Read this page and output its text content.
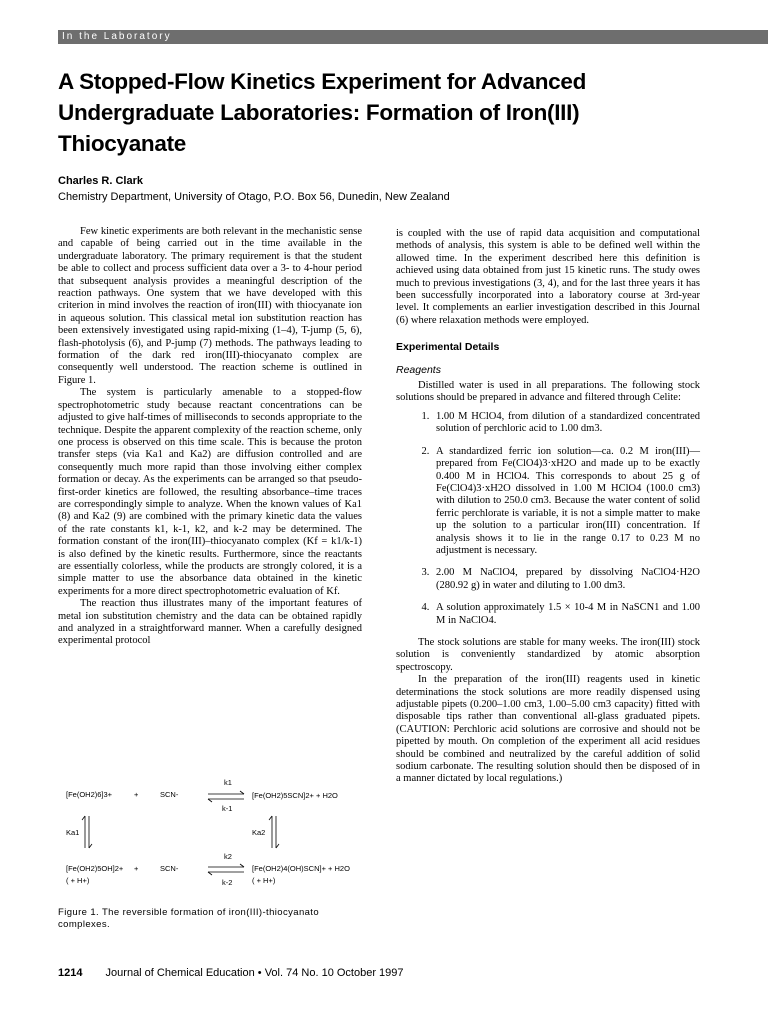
In the Laboratory
A Stopped-Flow Kinetics Experiment for Advanced
Undergraduate Laboratories: Formation of Iron(III)
Thiocyanate
Charles R. Clark
Chemistry Department, University of Otago, P.O. Box 56, Dunedin, New Zealand

Few kinetic experiments are both relevant in the mechanistic sense and capable of being carried out in the time available in the undergraduate laboratory. The primary requirement is that the student be able to collect and process sufficient data over a 3- to 4-hour period that subsequent analysis provides a meaningful description of the reaction pathways. One system that we have developed with this criterion in mind involves the reaction of iron(III) with thiocyanate ion in aqueous solution. This classical metal ion substitution reaction has been extensively investigated using rapid-mixing (1–4), T-jump (5, 6), flash-photolysis (6), and P-jump (7) methods. The pathways leading to formation of the dark red iron(III)-thiocyanato complex are consequently well understood. The reaction scheme is outlined in Figure 1.

The system is particularly amenable to a stopped-flow spectrophotometric study because reactant concentrations can be adjusted to give half-times of milliseconds to seconds appropriate to the technique. Despite the apparent complexity of the reaction scheme, only one process is observed on this time scale. This is because the proton transfer steps (via Ka1 and Ka2) are diffusion controlled and are consequently much more rapid than those involving either complex formation or decay. As the experiments can be arranged so that pseudo-first-order kinetics are followed, the resulting absorbance–time traces are correspondingly simple to analyze. When the known values of Ka1 (8) and Ka2 (9) are combined with the primary kinetic data the values of the rate constants k1, k-1, k2, and k-2 may be determined. The formation constant of the iron(III)–thiocyanato complex (Kf = k1/k-1) is also defined by the kinetic results. Furthermore, since the reactants are essentially colorless, while the products are strongly colored, it is a simple matter to use the absorbance data obtained in the kinetic experiments for a more direct spectrophotometric evaluation of Kf.

The reaction thus illustrates many of the important features of metal ion substitution chemistry and the data can be obtained rapidly and analyzed in a straightforward manner. When a carefully designed experimental protocol

is coupled with the use of rapid data acquisition and computational methods of analysis, this system is able to be defined well within the allowed time. In the experiment described here this definition is achieved using data obtained from just 15 kinetic runs. The study owes much to previous investigations (3, 4), and for the last three years it has been successfully incorporated into a laboratory course at 3rd-year level. It complements an earlier investigation described in this Journal (6) where relaxation methods were employed.

Experimental Details
Reagents

Distilled water is used in all preparations. The following stock solutions should be prepared in advance and filtered through Celite:

1. 1.00 M HClO4, from dilution of a standardized concentrated solution of perchloric acid to 1.00 dm3.
2. A standardized ferric ion solution—ca. 0.2 M iron(III)—prepared from Fe(ClO4)3·xH2O and made up to be exactly 0.400 M in HClO4. This corresponds to about 25 g of Fe(ClO4)3·xH2O dissolved in 1.00 M HClO4 (100.0 cm3) with dilution to 250.0 cm3. Because the water content of solid ferric perchlorate is variable, it is not a simple matter to make up the solution to a particular iron(III) concentration. If analysis shows it to lie in the range 0.17 to 0.23 M no adjustment is necessary.
3. 2.00 M NaClO4, prepared by dissolving NaClO4·H2O (280.92 g) in water and diluting to 1.00 dm3.
4. A solution approximately 1.5 × 10-4 M in NaSCN1 and 1.00 M in NaClO4.

The stock solutions are stable for many weeks. The iron(III) stock solution is conveniently standardized by atomic absorption spectroscopy.

In the preparation of the iron(III) reagents used in kinetic determinations the stock solutions are more readily dispensed using adjustable pipets (0.200–1.00 cm3, 1.00–5.00 cm3 capacity) fitted with disposable tips rather than conventional all-glass graduated pipets. (CAUTION: Perchloric acid solutions are corrosive and should not be pipetted by mouth. On completion of the experiment all acid residues should be combined and neutralized by the careful addition of solid sodium carbonate. The resulting solution should then be disposed of in a manner dictated by local regulations.)

[Fe(OH2)6]3+	+	SCN-	[Fe(OH2)5SCN]2+ + H2O
k1
k-1
Ka1	Ka2
[Fe(OH2)5OH]2+ +	SCN-	[Fe(OH2)4(OH)SCN]+ + H2O
k2
k-2
( + H+)	( + H+)
Figure 1. The reversible formation of iron(III)-thiocyanato complexes.
1214 Journal of Chemical Education • Vol. 74 No. 10 October 1997
